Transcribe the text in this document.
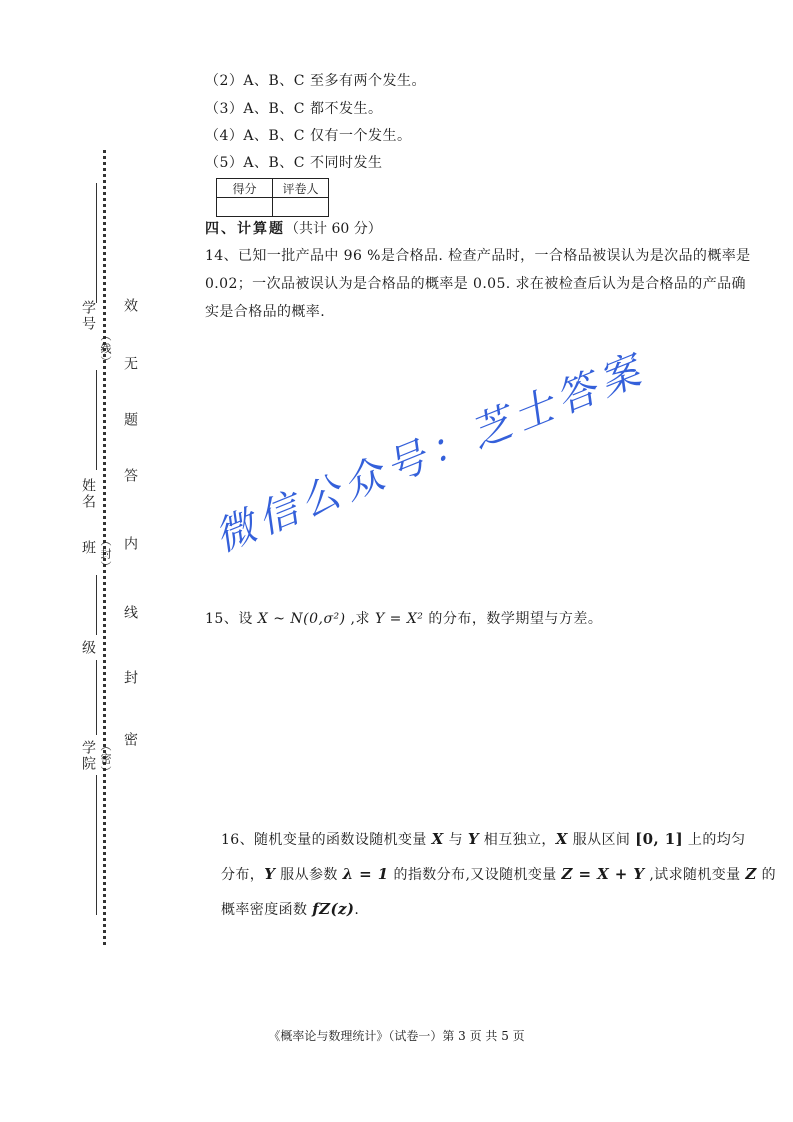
学号
（线）
姓名
（封）
班
级
学院 （密）
效
无
题
答
内
线
封
密
（2）A、B、C 至多有两个发生。
（3）A、B、C 都不发生。
（4）A、B、C 仅有一个发生。
（5）A、B、C 不同时发生
得分	评卷人

四、计算题（共计 60 分）
14、已知一批产品中 96 %是合格品. 检查产品时，一合格品被误认为是次品的概率是
0.02；一次品被误认为是合格品的概率是 0.05. 求在被检查后认为是合格品的产品确
实是合格品的概率.
15、设 X ~ N(0,σ²) ,求 Y = X² 的分布，数学期望与方差。
16、随机变量的函数设随机变量 X 与 Y 相互独立，X 服从区间 [0, 1] 上的均匀
分布，Y 服从参数 λ = 1 的指数分布,又设随机变量 Z = X + Y ,试求随机变量 Z 的
概率密度函数 fZ(z).
微信公众号：芝士答案
《概率论与数理统计》（试卷一）第 3 页 共 5 页
